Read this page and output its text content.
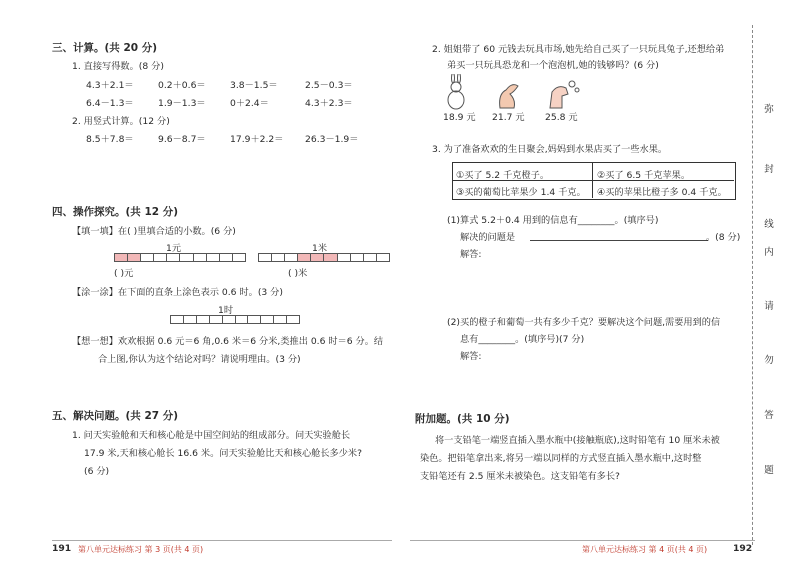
三、计算。(共 20 分)
1. 直接写得数。(8 分)
4.3＋2.1＝	0.2＋0.6＝	3.8－1.5＝	2.5－0.3＝
6.4－1.3＝	1.9－1.3＝	0＋2.4＝	4.3＋2.3＝
2. 用竖式计算。(12 分)
8.5＋7.8＝	9.6－8.7＝	17.9＋2.2＝ 26.3－1.9＝
四、操作探究。(共 12 分)
【填一填】在( )里填合适的小数。(6 分)
1元
( )元
1米
( )米
【涂一涂】在下面的直条上涂色表示 0.6 时。(3 分)
1时
【想一想】欢欢根据 0.6 元＝6 角,0.6 米＝6 分米,类推出 0.6 时＝6 分。结
合上图,你认为这个结论对吗？请说明理由。(3 分)
五、解决问题。(共 27 分)
1. 问天实验舱和天和核心舱是中国空间站的组成部分。问天实验舱长
17.9 米,天和核心舱长 16.6 米。问天实验舱比天和核心舱长多少米?
(6 分)
191 第八单元达标练习 第 3 页(共 4 页)
2. 姐姐带了 60 元钱去玩具市场,她先给自己买了一只玩具兔子,还想给弟
弟买一只玩具恐龙和一个泡泡机,她的钱够吗？(6 分)
18.9 元 21.7 元 25.8 元
3. 为了准备欢欢的生日聚会,妈妈到水果店买了一些水果。
①买了 5.2 千克橙子。	②买了 6.5 千克苹果。
③买的葡萄比苹果少 1.4 千克。 ④买的苹果比橙子多 0.4 千克。
(1)算式 5.2＋0.4 用到的信息有________。(填序号)
解决的问题是	。(8 分)
解答:
(2)买的橙子和葡萄一共有多少千克？要解决这个问题,需要用到的信
息有________。(填序号)(7 分)
解答:
附加题。(共 10 分)
将一支铅笔一端竖直插入墨水瓶中(接触瓶底),这时铅笔有 10 厘米未被
染色。把铅笔拿出来,将另一端以同样的方式竖直插入墨水瓶中,这时整
支铅笔还有 2.5 厘米未被染色。这支铅笔有多长?
第八单元达标练习 第 4 页(共 4 页)	192
弥
封
线
内
请
勿
答
题
